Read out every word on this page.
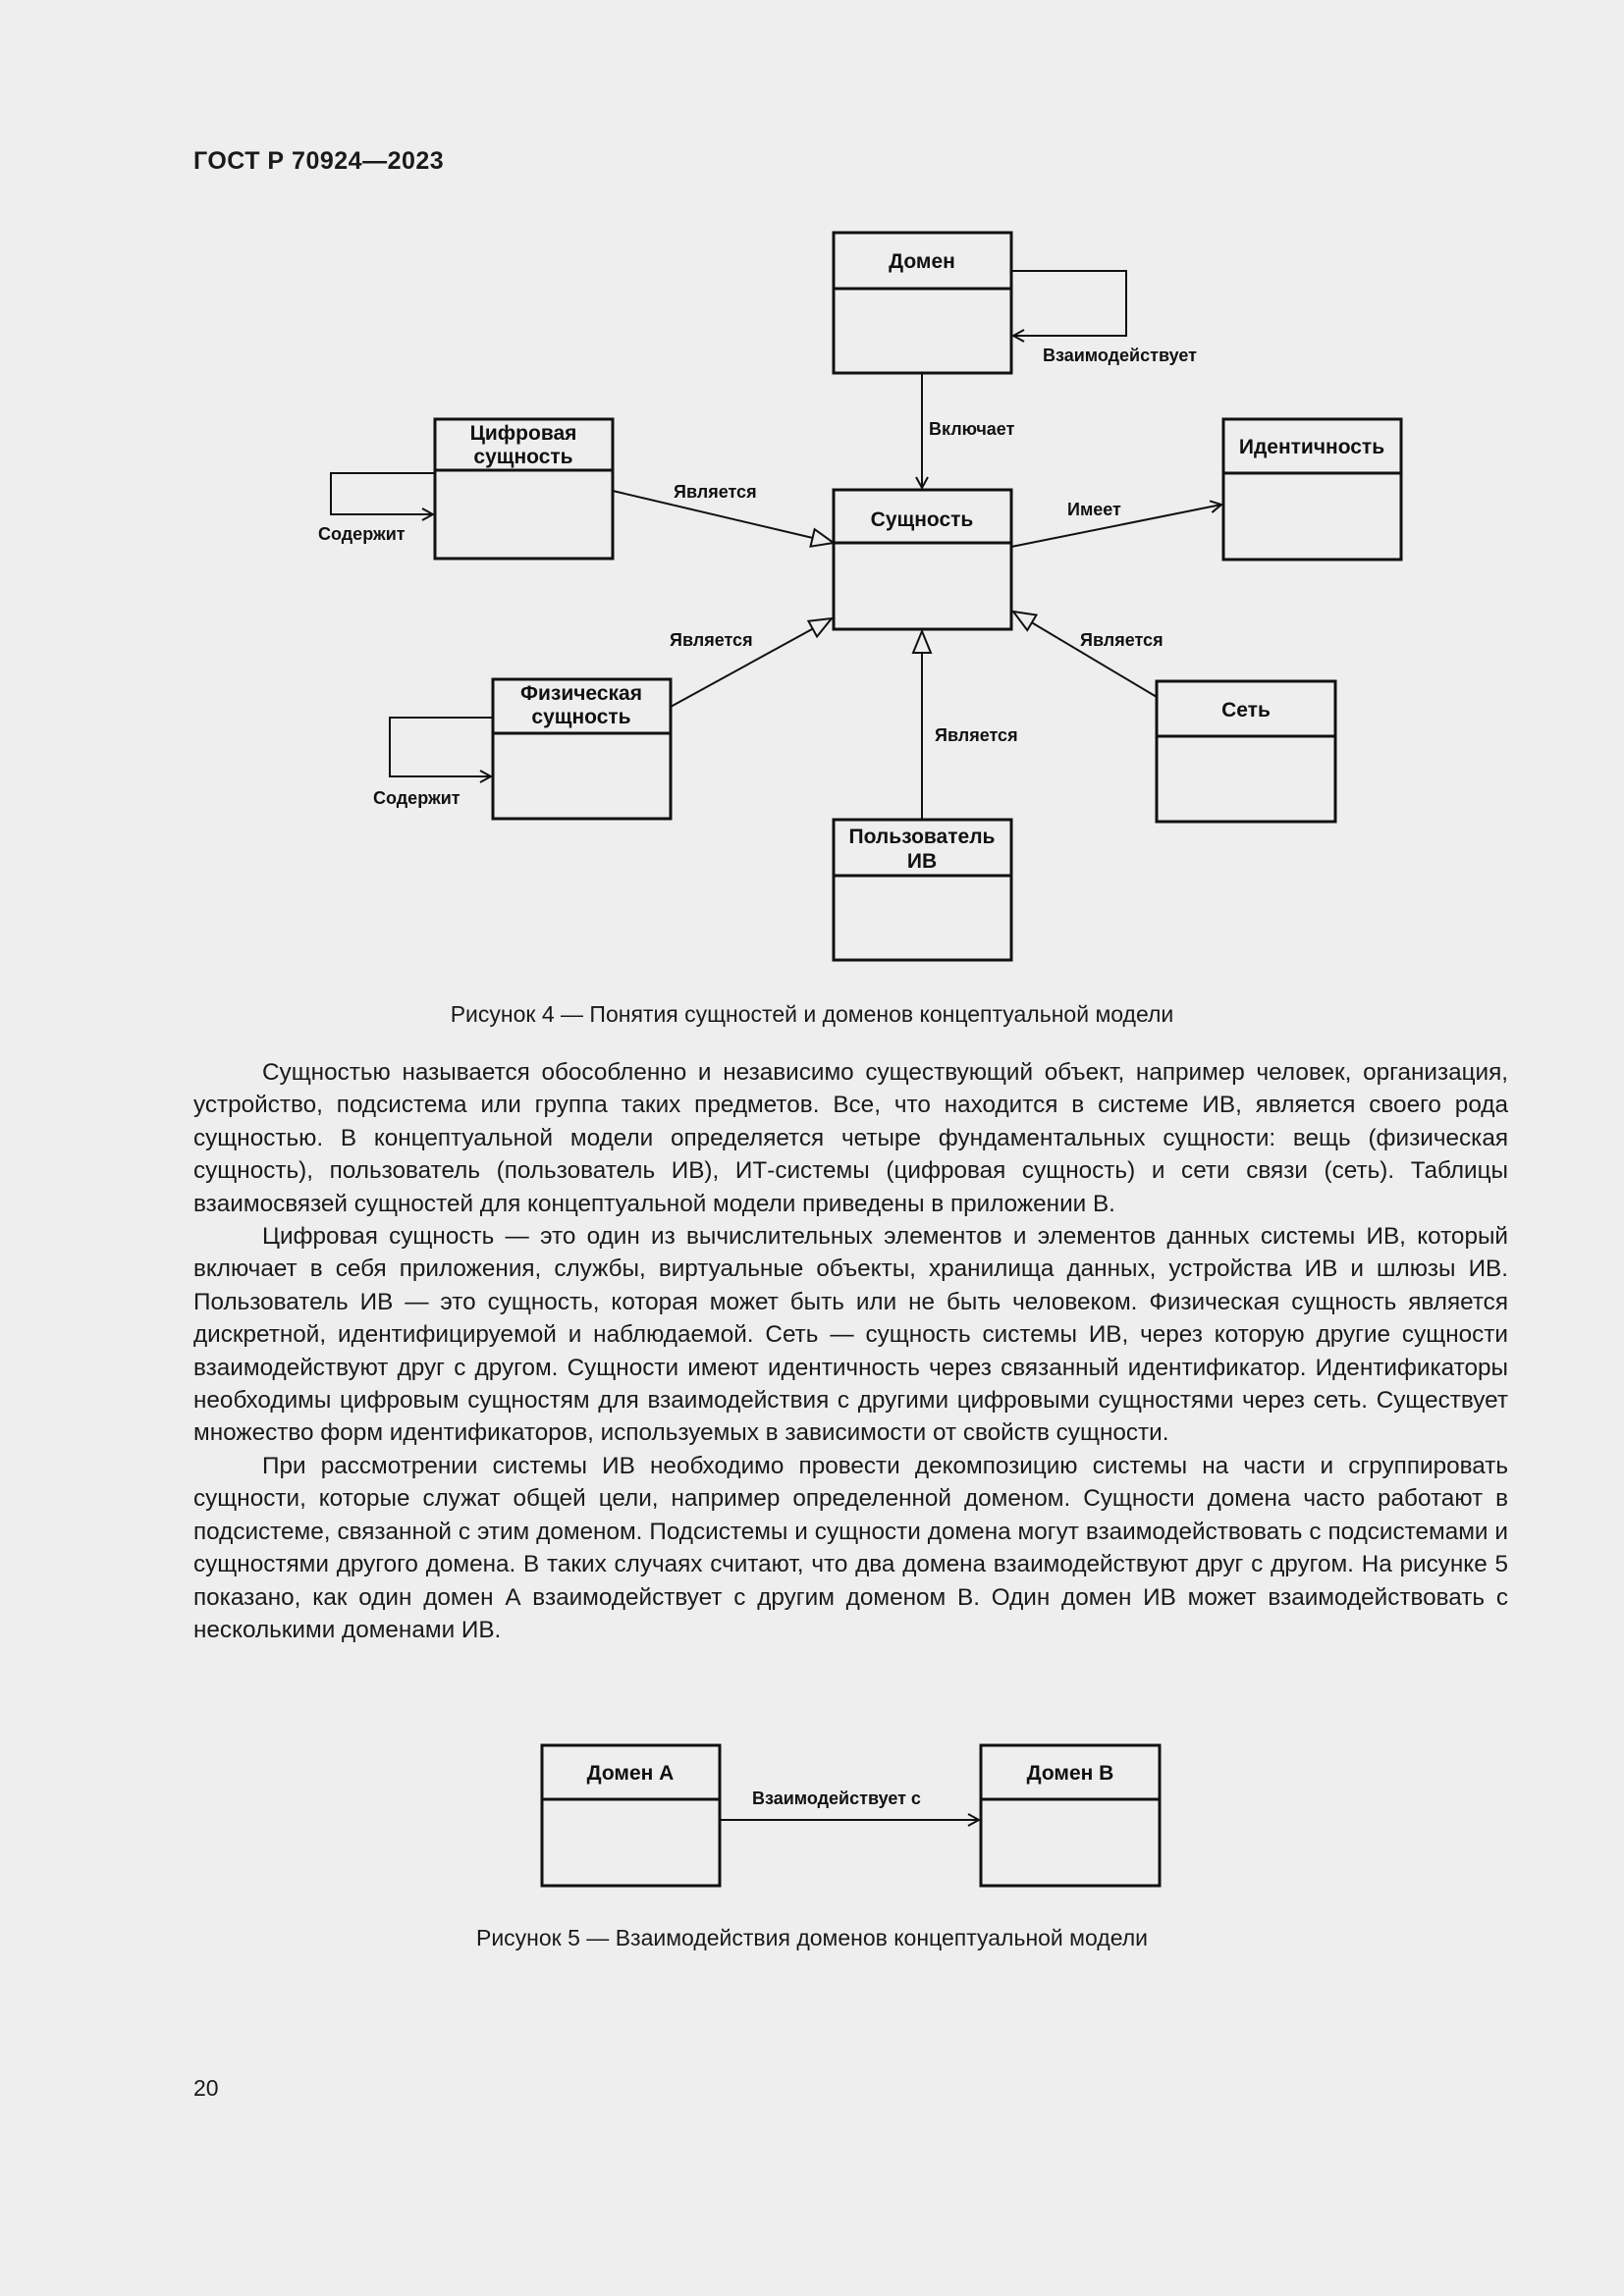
ГОСТ Р 70924—2023
Домен
Взаимодействует
Включает
Цифровая
сущность
Содержит
Является
Сущность
Идентичность
Имеет
Физическая
сущность
Содержит
Является
Сеть
Является
Пользователь
ИВ
Является
Рисунок 4 — Понятия сущностей и доменов концептуальной модели

Сущностью называется обособленно и независимо существующий объект, например человек, организация, устройство, подсистема или группа таких предметов. Все, что находится в системе ИВ, является своего рода сущностью. В концептуальной модели определяется четыре фундаментальных сущности: вещь (физическая сущность), пользователь (пользователь ИВ), ИТ-системы (цифровая сущность) и сети связи (сеть). Таблицы взаимосвязей сущностей для концептуальной модели приведены в приложении В.

Цифровая сущность — это один из вычислительных элементов и элементов данных системы ИВ, который включает в себя приложения, службы, виртуальные объекты, хранилища данных, устройства ИВ и шлюзы ИВ. Пользователь ИВ — это сущность, которая может быть или не быть человеком. Физическая сущность является дискретной, идентифицируемой и наблюдаемой. Сеть — сущность системы ИВ, через которую другие сущности взаимодействуют друг с другом. Сущности имеют идентичность через связанный идентификатор. Идентификаторы необходимы цифровым сущностям для взаимодействия с другими цифровыми сущностями через сеть. Существует множество форм идентификаторов, используемых в зависимости от свойств сущности.

При рассмотрении системы ИВ необходимо провести декомпозицию системы на части и сгруппировать сущности, которые служат общей цели, например определенной доменом. Сущности домена часто работают в подсистеме, связанной с этим доменом. Подсистемы и сущности домена могут взаимодействовать с подсистемами и сущностями другого домена. В таких случаях считают, что два домена взаимодействуют друг с другом. На рисунке 5 показано, как один домен А взаимодействует с другим доменом В. Один домен ИВ может взаимодействовать с несколькими доменами ИВ.

Домен А	Домен В
Взаимодействует с
Рисунок 5 — Взаимодействия доменов концептуальной модели
20
